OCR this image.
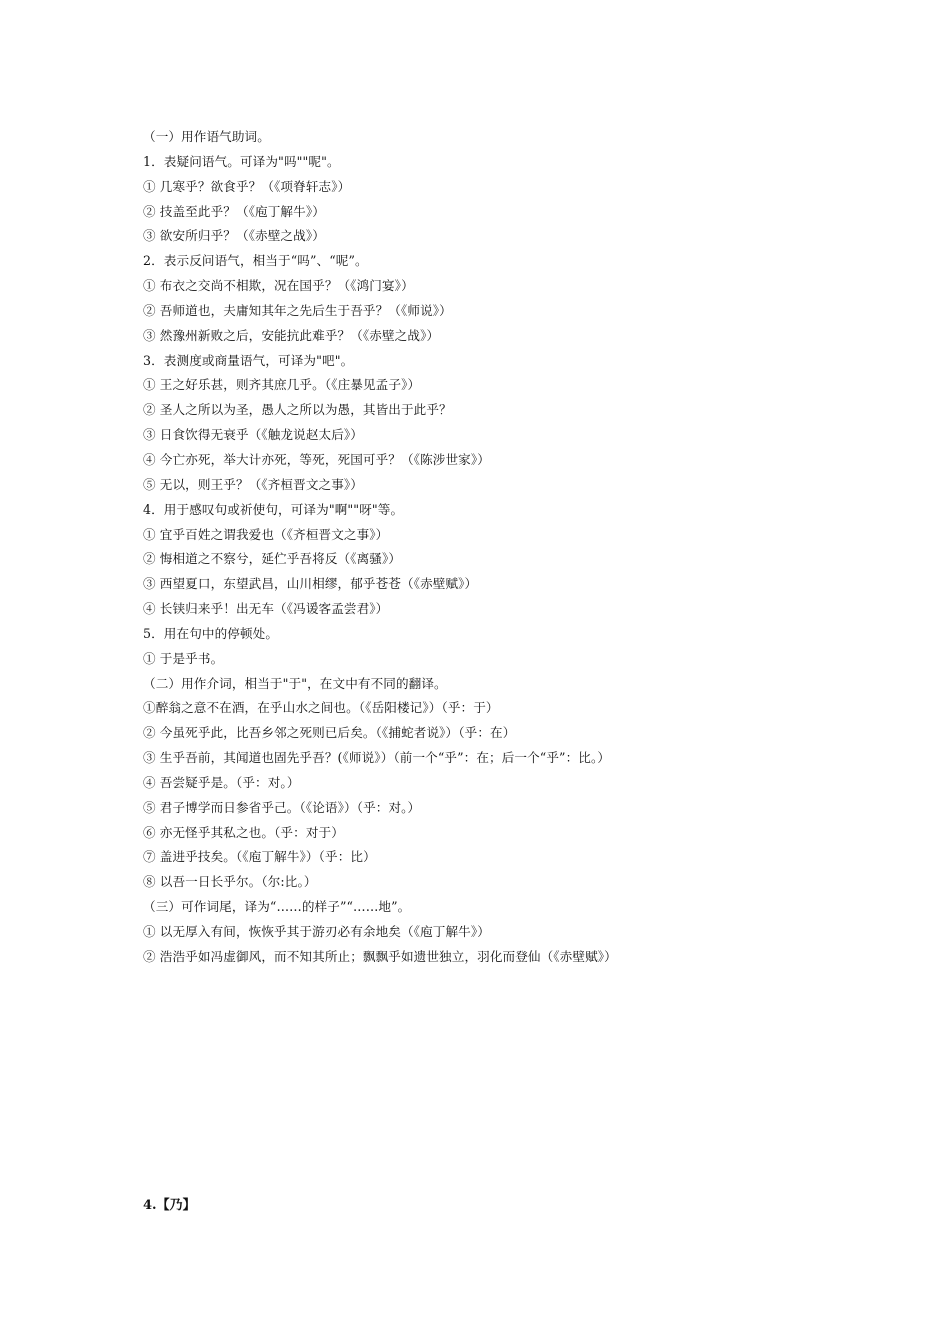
（一）用作语气助词。
1．表疑问语气。可译为"吗""呢"。
① 几寒乎？欲食乎？（《项脊轩志》）
② 技盖至此乎？（《庖丁解牛》）
③ 欲安所归乎？（《赤壁之战》）
2．表示反问语气，相当于“吗”、“呢”。
① 布衣之交尚不相欺，况在国乎？（《鸿门宴》）
② 吾师道也，夫庸知其年之先后生于吾乎？（《师说》）
③ 然豫州新败之后，安能抗此难乎？（《赤壁之战》）
3．表测度或商量语气，可译为"吧"。
① 王之好乐甚，则齐其庶几乎。（《庄暴见孟子》）
② 圣人之所以为圣，愚人之所以为愚，其皆出于此乎？
③ 日食饮得无衰乎（《触龙说赵太后》）
④ 今亡亦死，举大计亦死，等死，死国可乎？（《陈涉世家》）
⑤ 无以，则王乎？（《齐桓晋文之事》）
4．用于感叹句或祈使句，可译为"啊""呀"等。
① 宜乎百姓之谓我爱也（《齐桓晋文之事》）
② 悔相道之不察兮，延伫乎吾将反（《离骚》）
③ 西望夏口，东望武昌，山川相缪，郁乎苍苍（《赤壁赋》）
④ 长铗归来乎！出无车（《冯谖客孟尝君》）
5．用在句中的停顿处。
① 于是乎书。
（二）用作介词，相当于"于"，在文中有不同的翻译。
①醉翁之意不在酒，在乎山水之间也。（《岳阳楼记》）（乎：于）
② 今虽死乎此，比吾乡邻之死则已后矣。（《捕蛇者说》）（乎：在）
③ 生乎吾前，其闻道也固先乎吾？(《师说》）（前一个“乎”：在；后一个“乎”：比。）
④ 吾尝疑乎是。（乎：对。）
⑤ 君子博学而日参省乎己。（《论语》）（乎：对。）
⑥ 亦无怪乎其私之也。（乎：对于）
⑦ 盖进乎技矣。（《庖丁解牛》）（乎：比）
⑧ 以吾一日长乎尔。（尔:比。）
（三）可作词尾，译为“……的样子”“……地”。
① 以无厚入有间，恢恢乎其于游刃必有余地矣（《庖丁解牛》）
② 浩浩乎如冯虚御风，而不知其所止；飘飘乎如遗世独立，羽化而登仙（《赤壁赋》）
4.【乃】
